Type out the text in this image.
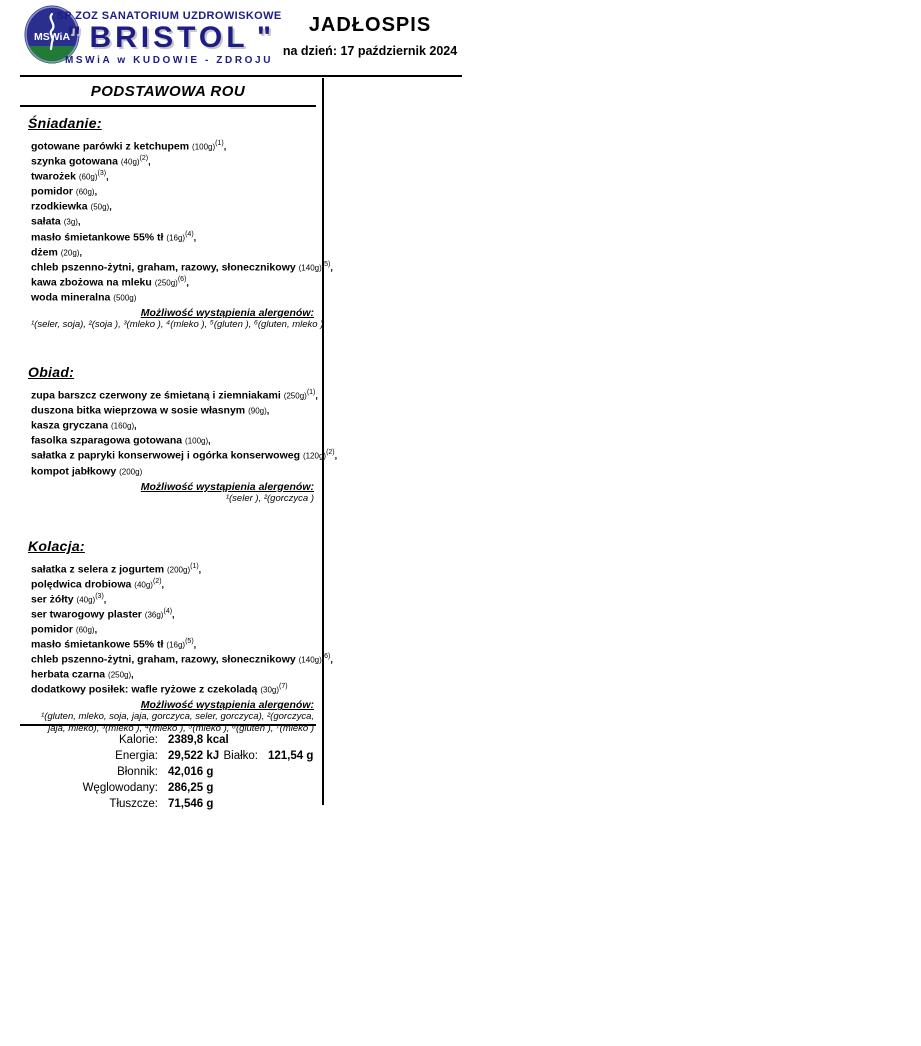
MSWiA
SP ZOZ SANATORIUM UZDROWISKOWE
" BRISTOL "
MSWiA w KUDOWIE - ZDROJU
JADŁOSPIS
na dzień: 17 październik 2024
PODSTAWOWA ROU
Śniadanie:
gotowane parówki z ketchupem $(100g)^{(1)}$,
szynka gotowana $(40g)^{(2)}$,
twarożek $(60g)^{(3)}$,
pomidor (60g),
rzodkiewka (50g),
sałata (3g),
masło śmietankowe 55% tł $(16g)^{(4)}$,
dżem (20g),
chleb pszenno-żytni, graham, razowy, słonecznikowy $(140g)^{(5)}$,
kawa zbożowa na mleku $(250g)^{(6)}$,
woda mineralna (500g)
Możliwość wystąpienia alergenów:
¹(seler, soja), ²(soja ), ³(mleko ), ⁴(mleko ), ⁵(gluten ), ⁶(gluten, mleko )
Obiad:
zupa barszcz czerwony ze śmietaną i ziemniakami $(250g)^{(1)}$,
duszona bitka wieprzowa w sosie własnym (90g),
kasza gryczana (160g),
fasolka szparagowa gotowana (100g),
sałatka z papryki konserwowej i ogórka konserwoweg $(120g)^{(2)}$,
kompot jabłkowy (200g)
Możliwość wystąpienia alergenów:
¹(seler ), ²(gorczyca )
Kolacja:
sałatka z selera z jogurtem $(200g)^{(1)}$,
polędwica drobiowa $(40g)^{(2)}$,
ser żółty $(40g)^{(3)}$,
ser twarogowy plaster $(36g)^{(4)}$,
pomidor (60g),
masło śmietankowe 55% tł $(16g)^{(5)}$,
chleb pszenno-żytni, graham, razowy, słonecznikowy $(140g)^{(6)}$,
herbata czarna (250g),
dodatkowy posiłek: wafle ryżowe z czekoladą $(30g)^{(7)}$
Możliwość wystąpienia alergenów:
¹(gluten, mleko, soja, jaja, gorczyca, seler, gorczyca), ²(gorczyca,
jaja, mleko), ³(mleko ), ⁴(mleko ), ⁵(mleko ), ⁶(gluten ), ⁷(mleko )
Kalorie: 2389,8 kcal
Energia: 29,522 kJ Białko: 121,54 g
Błonnik: 42,016 g
Węglowodany: 286,25 g
Tłuszcze: 71,546 g
